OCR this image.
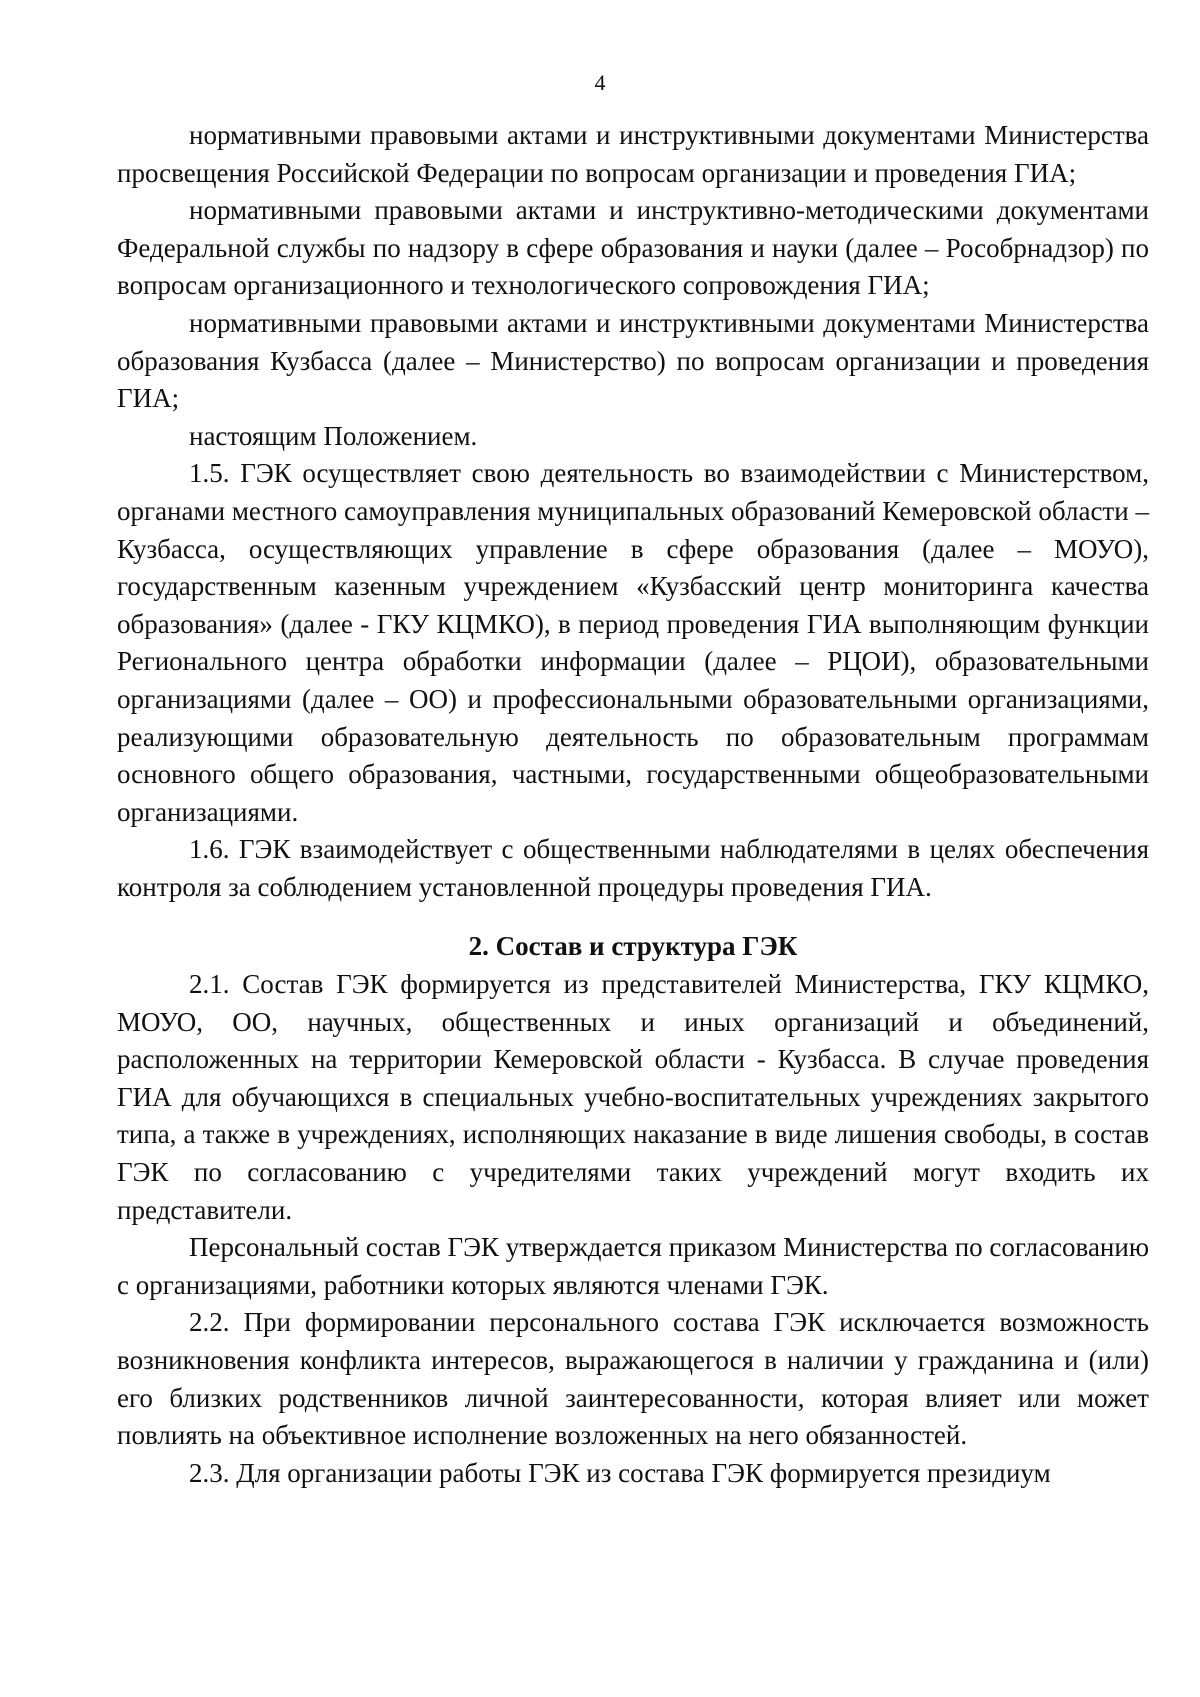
4

нормативными правовыми актами и инструктивными документами Министерства просвещения Российской Федерации по вопросам организации и проведения ГИА;

нормативными правовыми актами и инструктивно-методическими документами Федеральной службы по надзору в сфере образования и науки (далее – Рособрнадзор) по вопросам организационного и технологического сопровождения ГИА;

нормативными правовыми актами и инструктивными документами Министерства образования Кузбасса (далее – Министерство) по вопросам организации и проведения ГИА;

настоящим Положением.

1.5. ГЭК осуществляет свою деятельность во взаимодействии с Министерством, органами местного самоуправления муниципальных образований Кемеровской области – Кузбасса, осуществляющих управление в сфере образования (далее – МОУО), государственным казенным учреждением «Кузбасский центр мониторинга качества образования» (далее - ГКУ КЦМКО), в период проведения ГИА выполняющим функции Регионального центра обработки информации (далее – РЦОИ), образовательными организациями (далее – ОО) и профессиональными образовательными организациями, реализующими образовательную деятельность по образовательным программам основного общего образования, частными, государственными общеобразовательными организациями.

1.6. ГЭК взаимодействует с общественными наблюдателями в целях обеспечения контроля за соблюдением установленной процедуры проведения ГИА.

2. Состав и структура ГЭК

2.1. Состав ГЭК формируется из представителей Министерства, ГКУ КЦМКО, МОУО, ОО, научных, общественных и иных организаций и объединений, расположенных на территории Кемеровской области - Кузбасса. В случае проведения ГИА для обучающихся в специальных учебно-воспитательных учреждениях закрытого типа, а также в учреждениях, исполняющих наказание в виде лишения свободы, в состав ГЭК по согласованию с учредителями таких учреждений могут входить их представители.

Персональный состав ГЭК утверждается приказом Министерства по согласованию с организациями, работники которых являются членами ГЭК.

2.2. При формировании персонального состава ГЭК исключается возможность возникновения конфликта интересов, выражающегося в наличии у гражданина и (или) его близких родственников личной заинтересованности, которая влияет или может повлиять на объективное исполнение возложенных на него обязанностей.

2.3. Для организации работы ГЭК из состава ГЭК формируется президиум
